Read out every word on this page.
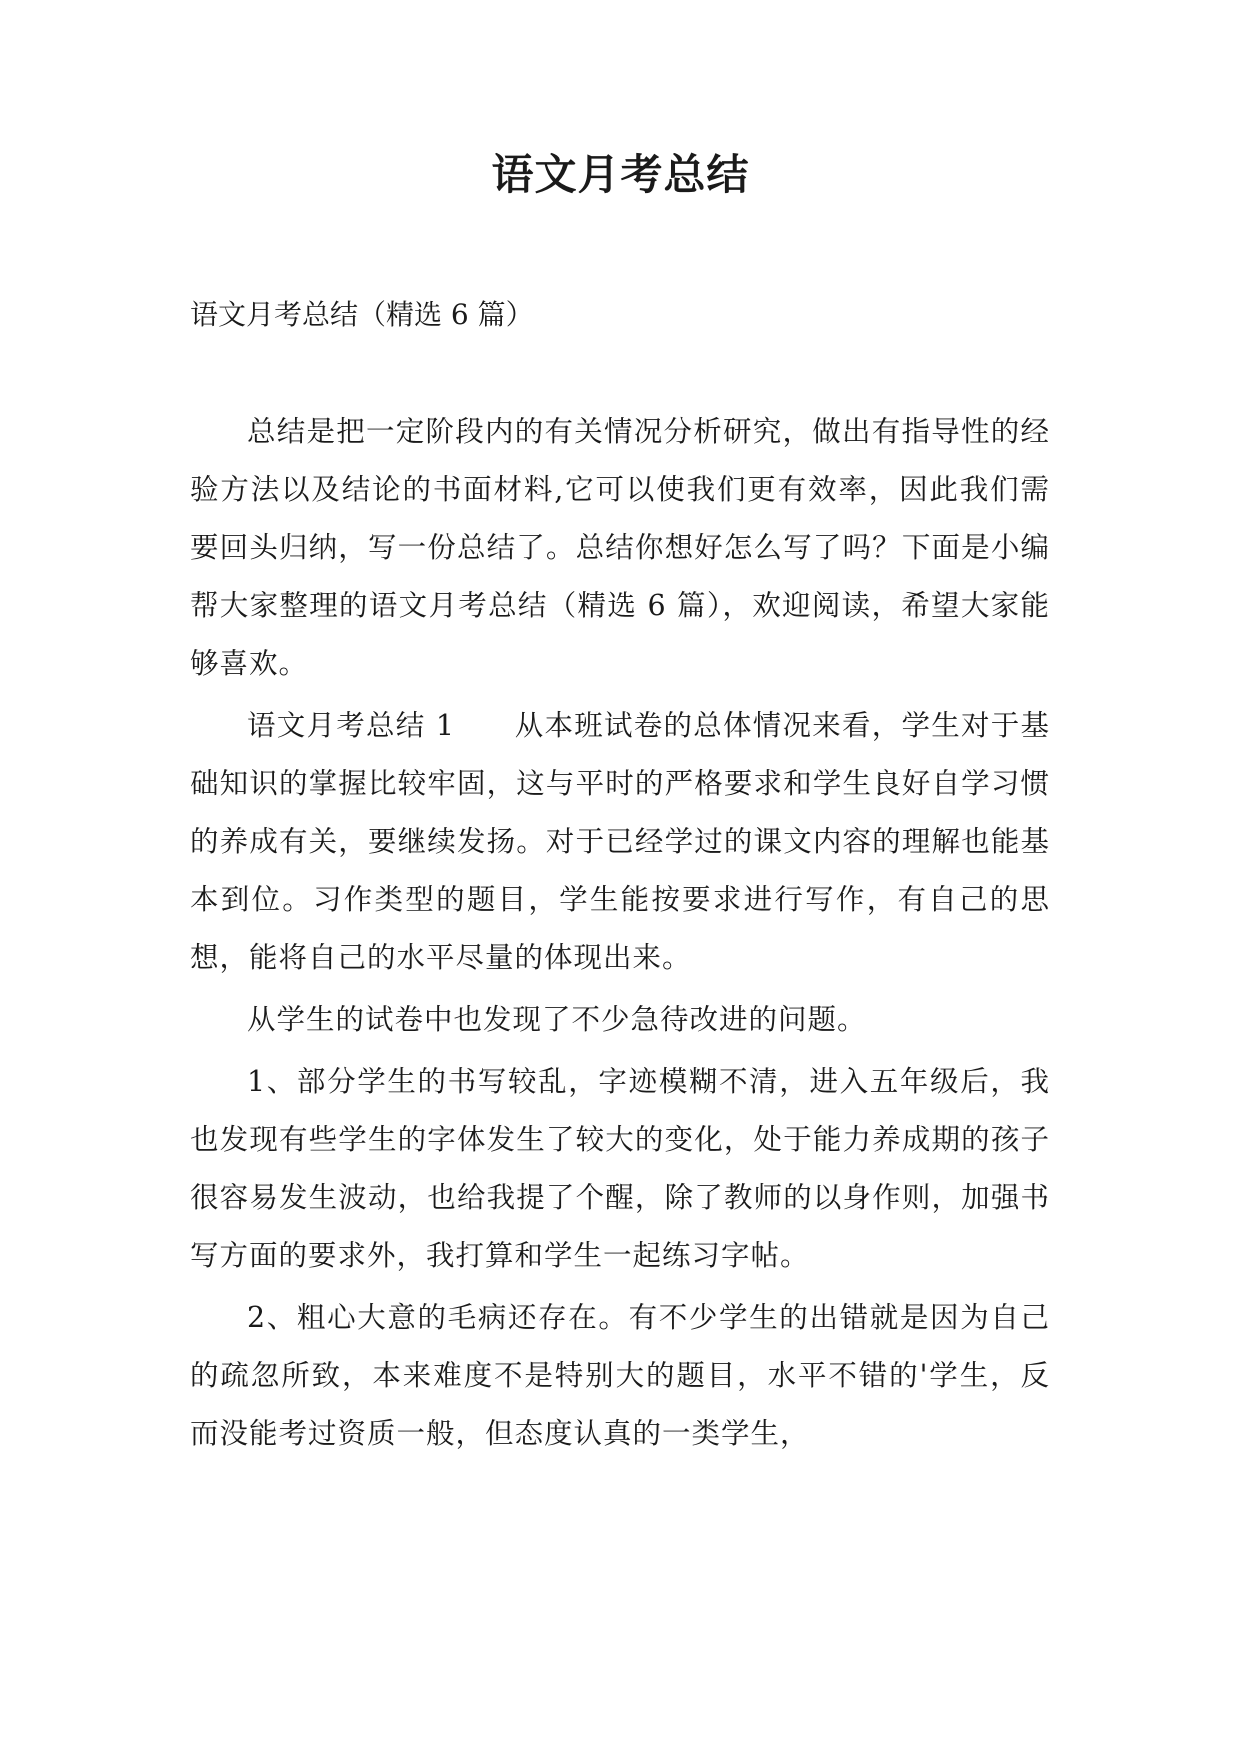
语文月考总结

语文月考总结（精选 6 篇）

总结是把一定阶段内的有关情况分析研究，做出有指导性的经验方法以及结论的书面材料,它可以使我们更有效率，因此我们需要回头归纳，写一份总结了。总结你想好怎么写了吗？下面是小编帮大家整理的语文月考总结（精选 6 篇），欢迎阅读，希望大家能够喜欢。

语文月考总结 1　　从本班试卷的总体情况来看，学生对于基础知识的掌握比较牢固，这与平时的严格要求和学生良好自学习惯的养成有关，要继续发扬。对于已经学过的课文内容的理解也能基本到位。习作类型的题目，学生能按要求进行写作，有自己的思想，能将自己的水平尽量的体现出来。

从学生的试卷中也发现了不少急待改进的问题。

1、部分学生的书写较乱，字迹模糊不清，进入五年级后，我也发现有些学生的字体发生了较大的变化，处于能力养成期的孩子很容易发生波动，也给我提了个醒，除了教师的以身作则，加强书写方面的要求外，我打算和学生一起练习字帖。

2、粗心大意的毛病还存在。有不少学生的出错就是因为自己的疏忽所致，本来难度不是特别大的题目，水平不错的'学生，反而没能考过资质一般，但态度认真的一类学生，
